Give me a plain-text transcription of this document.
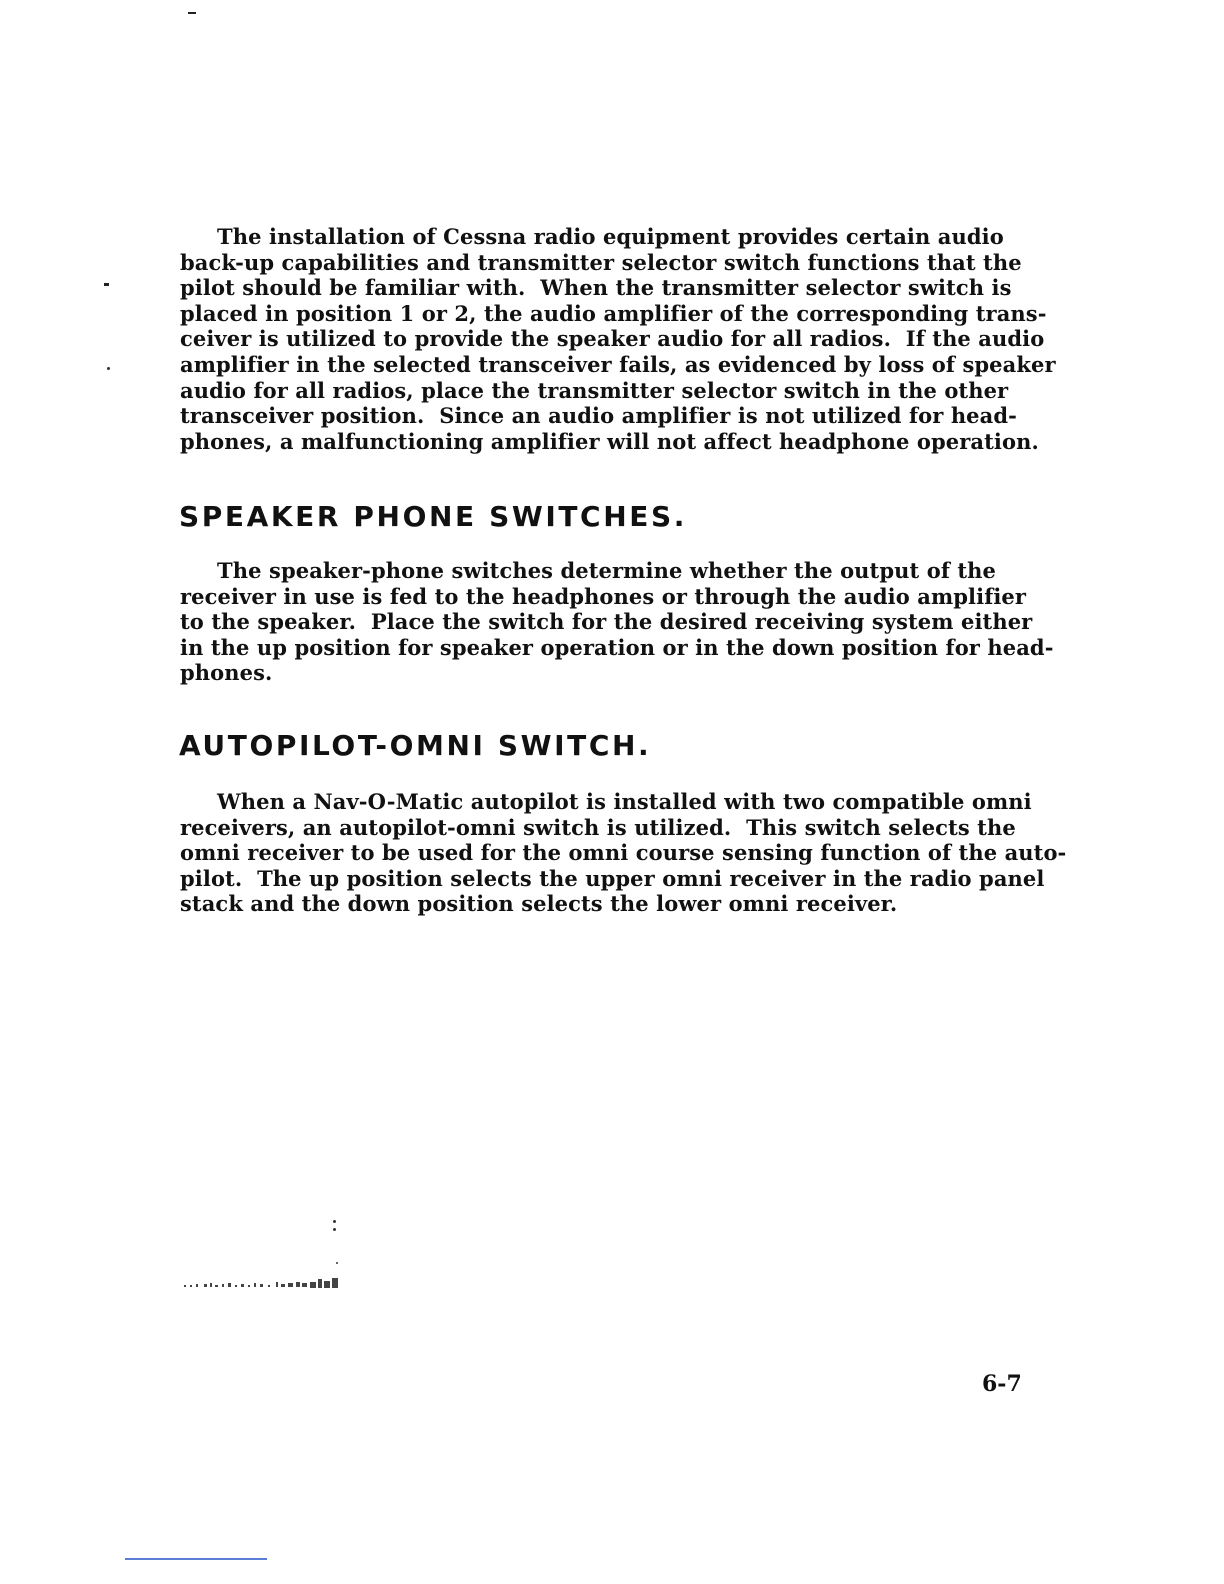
The installation of Cessna radio equipment provides certain audio
back-up capabilities and transmitter selector switch functions that the
pilot should be familiar with.  When the transmitter selector switch is
placed in position 1 or 2, the audio amplifier of the corresponding trans-
ceiver is utilized to provide the speaker audio for all radios.  If the audio
amplifier in the selected transceiver fails, as evidenced by loss of speaker
audio for all radios, place the transmitter selector switch in the other
transceiver position.  Since an audio amplifier is not utilized for head-
phones, a malfunctioning amplifier will not affect headphone operation.
SPEAKER PHONE SWITCHES.
The speaker-phone switches determine whether the output of the
receiver in use is fed to the headphones or through the audio amplifier
to the speaker.  Place the switch for the desired receiving system either
in the up position for speaker operation or in the down position for head-
phones.
AUTOPILOT-OMNI SWITCH.
When a Nav-O-Matic autopilot is installed with two compatible omni
receivers, an autopilot-omni switch is utilized.  This switch selects the
omni receiver to be used for the omni course sensing function of the auto-
pilot.  The up position selects the upper omni receiver in the radio panel
stack and the down position selects the lower omni receiver.
6-7
